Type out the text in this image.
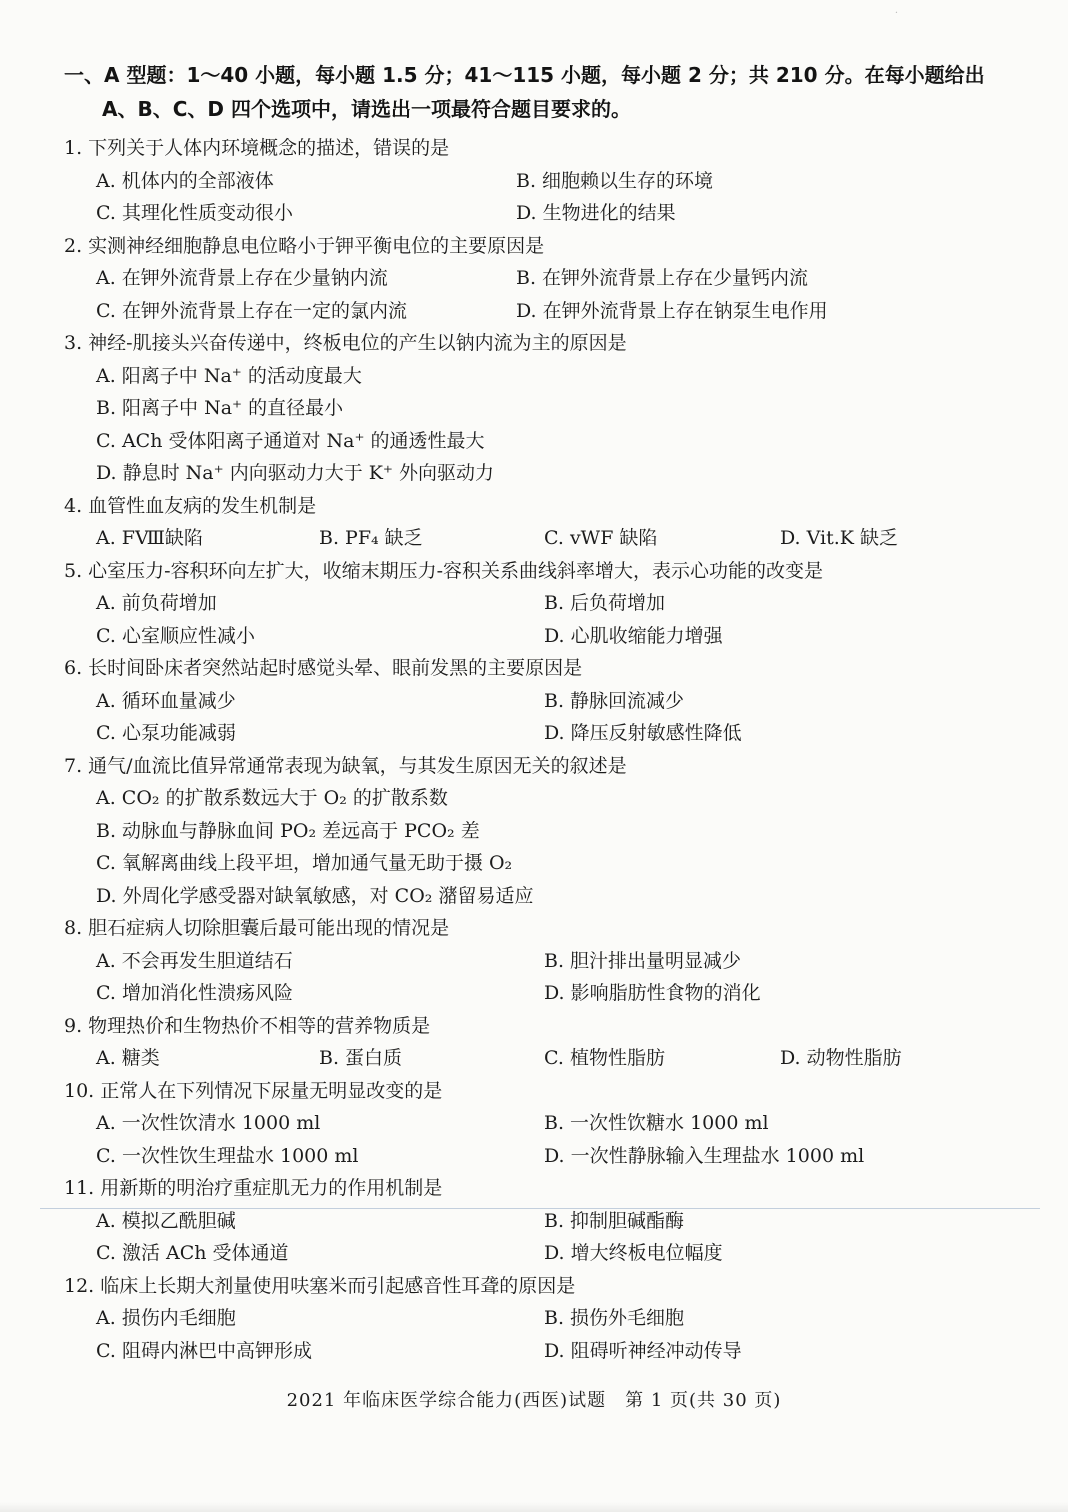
·
一、A 型题：1～40 小题，每小题 1.5 分；41～115 小题，每小题 2 分；共 210 分。在每小题给出
A、B、C、D 四个选项中，请选出一项最符合题目要求的。
1. 下列关于人体内环境概念的描述，错误的是
A. 机体内的全部液体	B. 细胞赖以生存的环境
C. 其理化性质变动很小	D. 生物进化的结果
2. 实测神经细胞静息电位略小于钾平衡电位的主要原因是
A. 在钾外流背景上存在少量钠内流	B. 在钾外流背景上存在少量钙内流
C. 在钾外流背景上存在一定的氯内流	D. 在钾外流背景上存在钠泵生电作用
3. 神经-肌接头兴奋传递中，终板电位的产生以钠内流为主的原因是
A. 阳离子中 Na⁺ 的活动度最大
B. 阳离子中 Na⁺ 的直径最小
C. ACh 受体阳离子通道对 Na⁺ 的通透性最大
D. 静息时 Na⁺ 内向驱动力大于 K⁺ 外向驱动力
4. 血管性血友病的发生机制是
A. FⅧ缺陷	B. PF₄ 缺乏	C. vWF 缺陷	D. Vit.K 缺乏
5. 心室压力-容积环向左扩大，收缩末期压力-容积关系曲线斜率增大，表示心功能的改变是
A. 前负荷增加	B. 后负荷增加
C. 心室顺应性减小	D. 心肌收缩能力增强
6. 长时间卧床者突然站起时感觉头晕、眼前发黑的主要原因是
A. 循环血量减少	B. 静脉回流减少
C. 心泵功能减弱	D. 降压反射敏感性降低
7. 通气/血流比值异常通常表现为缺氧，与其发生原因无关的叙述是
A. CO₂ 的扩散系数远大于 O₂ 的扩散系数
B. 动脉血与静脉血间 PO₂ 差远高于 PCO₂ 差
C. 氧解离曲线上段平坦，增加通气量无助于摄 O₂
D. 外周化学感受器对缺氧敏感，对 CO₂ 潴留易适应
8. 胆石症病人切除胆囊后最可能出现的情况是
A. 不会再发生胆道结石	B. 胆汁排出量明显减少
C. 增加消化性溃疡风险	D. 影响脂肪性食物的消化
9. 物理热价和生物热价不相等的营养物质是
A. 糖类	B. 蛋白质	C. 植物性脂肪	D. 动物性脂肪
10. 正常人在下列情况下尿量无明显改变的是
A. 一次性饮清水 1000 ml	B. 一次性饮糖水 1000 ml
C. 一次性饮生理盐水 1000 ml	D. 一次性静脉输入生理盐水 1000 ml
11. 用新斯的明治疗重症肌无力的作用机制是
A. 模拟乙酰胆碱	B. 抑制胆碱酯酶
C. 激活 ACh 受体通道	D. 增大终板电位幅度
12. 临床上长期大剂量使用呋塞米而引起感音性耳聋的原因是
A. 损伤内毛细胞	B. 损伤外毛细胞
C. 阻碍内淋巴中高钾形成	D. 阻碍听神经冲动传导
2021 年临床医学综合能力(西医)试题　第 1 页(共 30 页)
